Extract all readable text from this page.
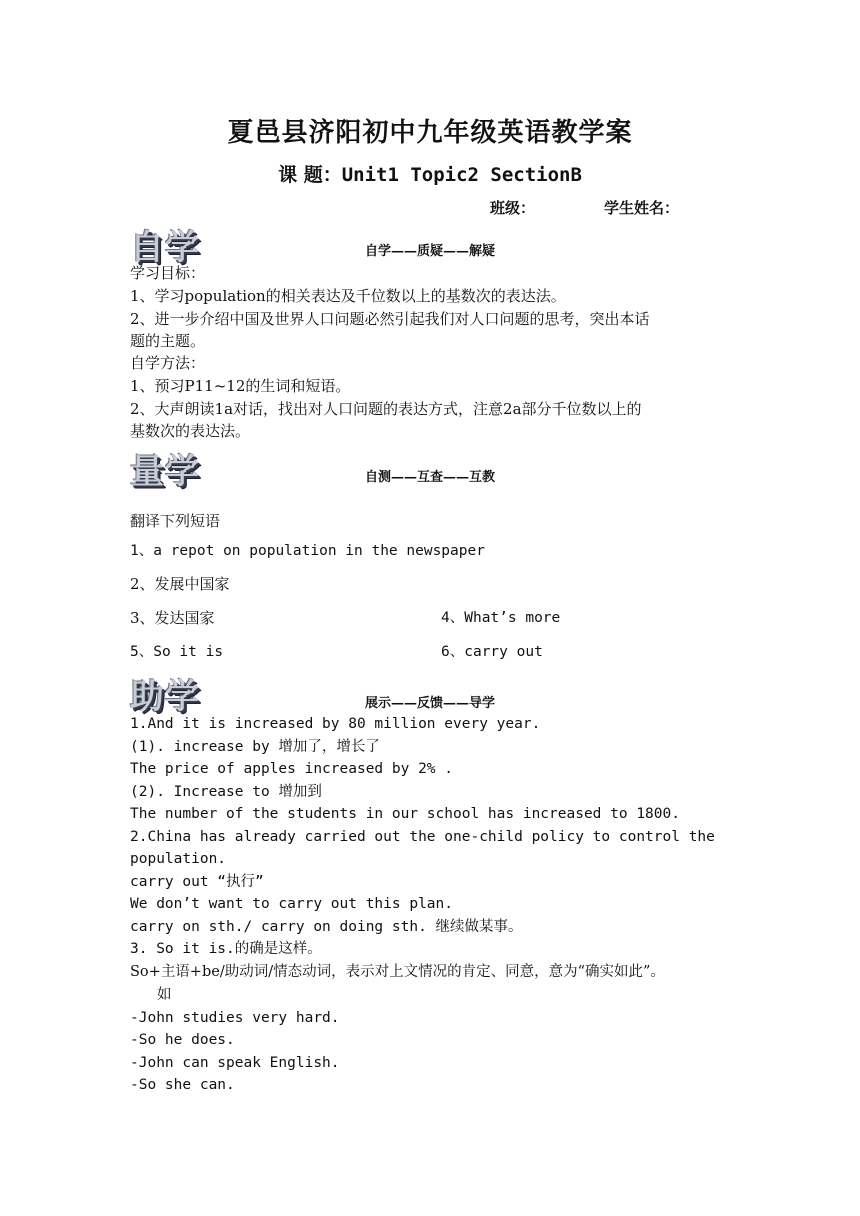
夏邑县济阳初中九年级英语教学案
课 题：Unit1 Topic2 SectionB
班级：	学生姓名：
自学	自学——质疑——解疑
学习目标：
1、学习population的相关表达及千位数以上的基数次的表达法。
2、进一步介绍中国及世界人口问题必然引起我们对人口问题的思考，突出本话
题的主题。
自学方法：
1、预习P11~12的生词和短语。
2、大声朗读1a对话，找出对人口问题的表达方式，注意2a部分千位数以上的
基数次的表达法。
量学	自测——互查——互教
翻译下列短语
1、a repot on population in the newspaper
2、发展中国家
3、发达国家	4、What’s more
5、So it is	6、carry out
助学	展示——反馈——导学
1.And it is increased by 80 million every year.
(1). increase by 增加了，增长了
The price of apples increased by 2% .
(2). Increase to 增加到
The number of the students in our school has increased to 1800.
2.China has already carried out the one-child policy to control the
population.
carry out “执行”
We don’t want to carry out this plan.
carry on sth./ carry on doing sth. 继续做某事。
3. So it is.的确是这样。
So+主语+be/助动词/情态动词，表示对上文情况的肯定、同意，意为“确实如此”。
如
-John studies very hard.
-So he does.
-John can speak English.
-So she can.
